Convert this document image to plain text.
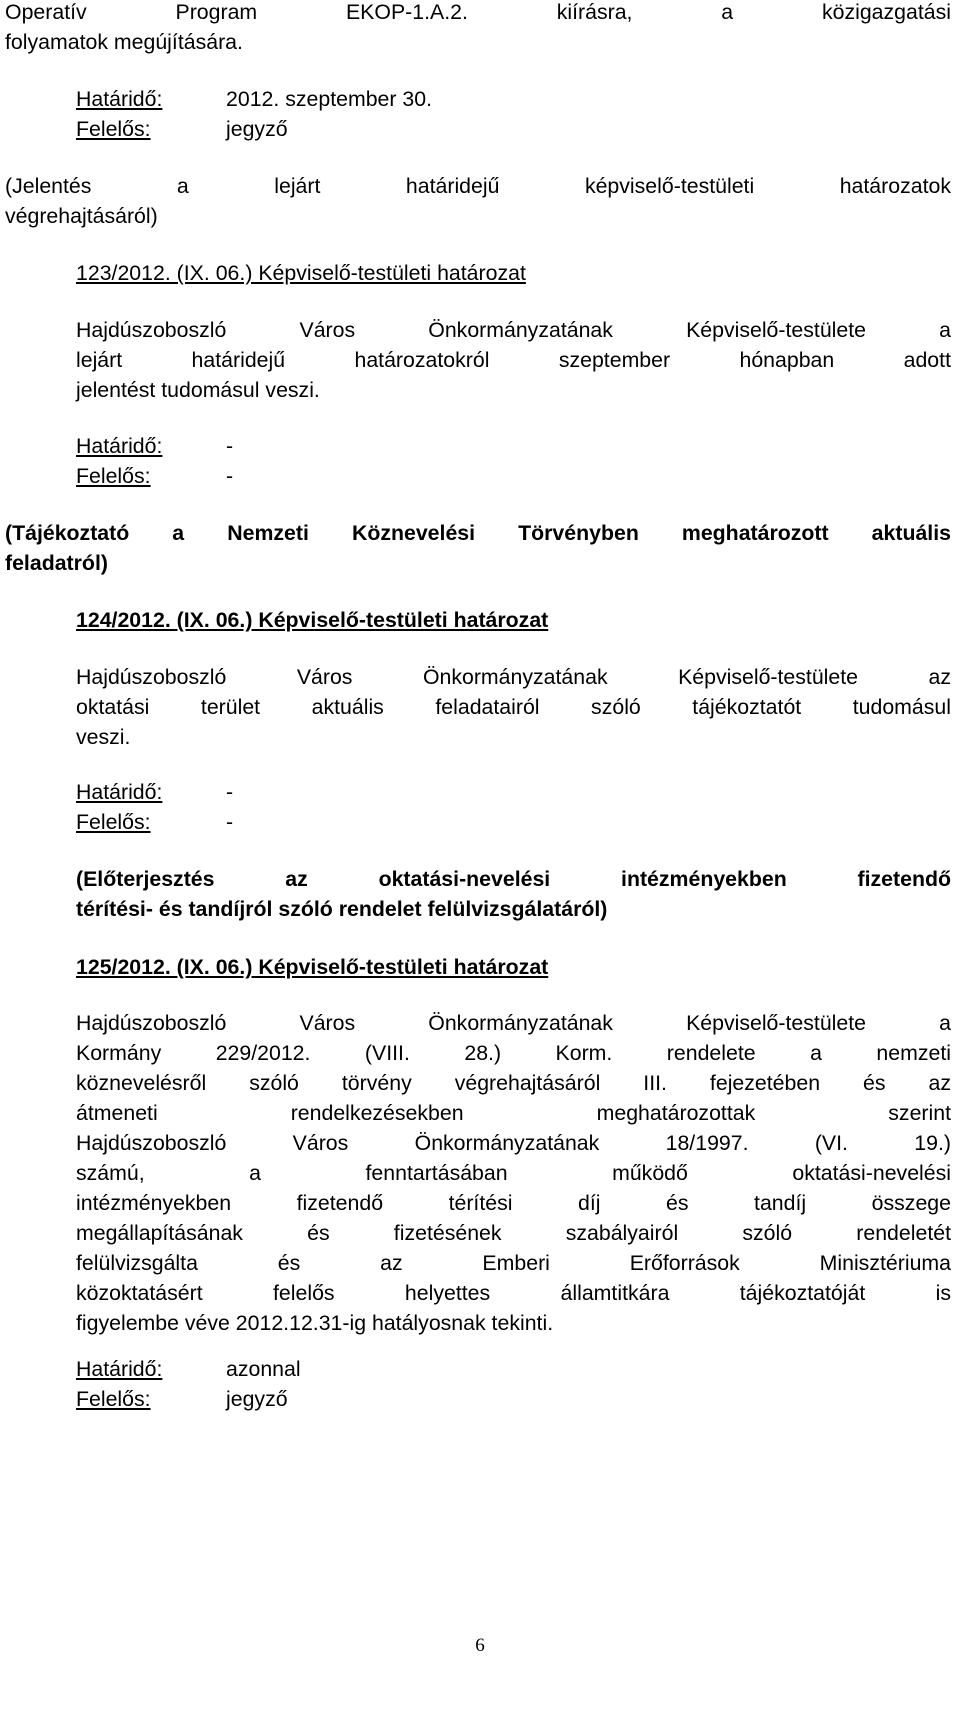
Operatív Program EKOP-1.A.2. kiírásra, a közigazgatási

folyamatok megújítására.

Határidő:	2012. szeptember 30.
Felelős:	jegyző

(Jelentés a lejárt határidejű képviselő-testületi határozatok

végrehajtásáról)

123/2012. (IX. 06.) Képviselő-testületi határozat

Hajdúszoboszló Város Önkormányzatának Képviselő-testülete a

lejárt határidejű határozatokról szeptember hónapban adott

jelentést tudomásul veszi.

Határidő:	-
Felelős:	-

(Tájékoztató a Nemzeti Köznevelési Törvényben meghatározott aktuális

feladatról)

124/2012. (IX. 06.) Képviselő-testületi határozat

Hajdúszoboszló Város Önkormányzatának Képviselő-testülete az

oktatási terület aktuális feladatairól szóló tájékoztatót tudomásul

veszi.

Határidő:	-
Felelős:	-

(Előterjesztés az oktatási-nevelési intézményekben fizetendő

térítési- és tandíjról szóló rendelet felülvizsgálatáról)

125/2012. (IX. 06.) Képviselő-testületi határozat

Hajdúszoboszló Város Önkormányzatának Képviselő-testülete a

Kormány 229/2012. (VIII. 28.) Korm. rendelete a nemzeti

köznevelésről szóló törvény végrehajtásáról III. fejezetében és az

átmeneti rendelkezésekben meghatározottak szerint

Hajdúszoboszló Város Önkormányzatának 18/1997. (VI. 19.)

számú, a fenntartásában működő oktatási-nevelési

intézményekben fizetendő térítési díj és tandíj összege

megállapításának és fizetésének szabályairól szóló rendeletét

felülvizsgálta és az Emberi Erőforrások Minisztériuma

közoktatásért felelős helyettes államtitkára tájékoztatóját is

figyelembe véve 2012.12.31-ig hatályosnak tekinti.

Határidő:	azonnal
Felelős:	jegyző
6
